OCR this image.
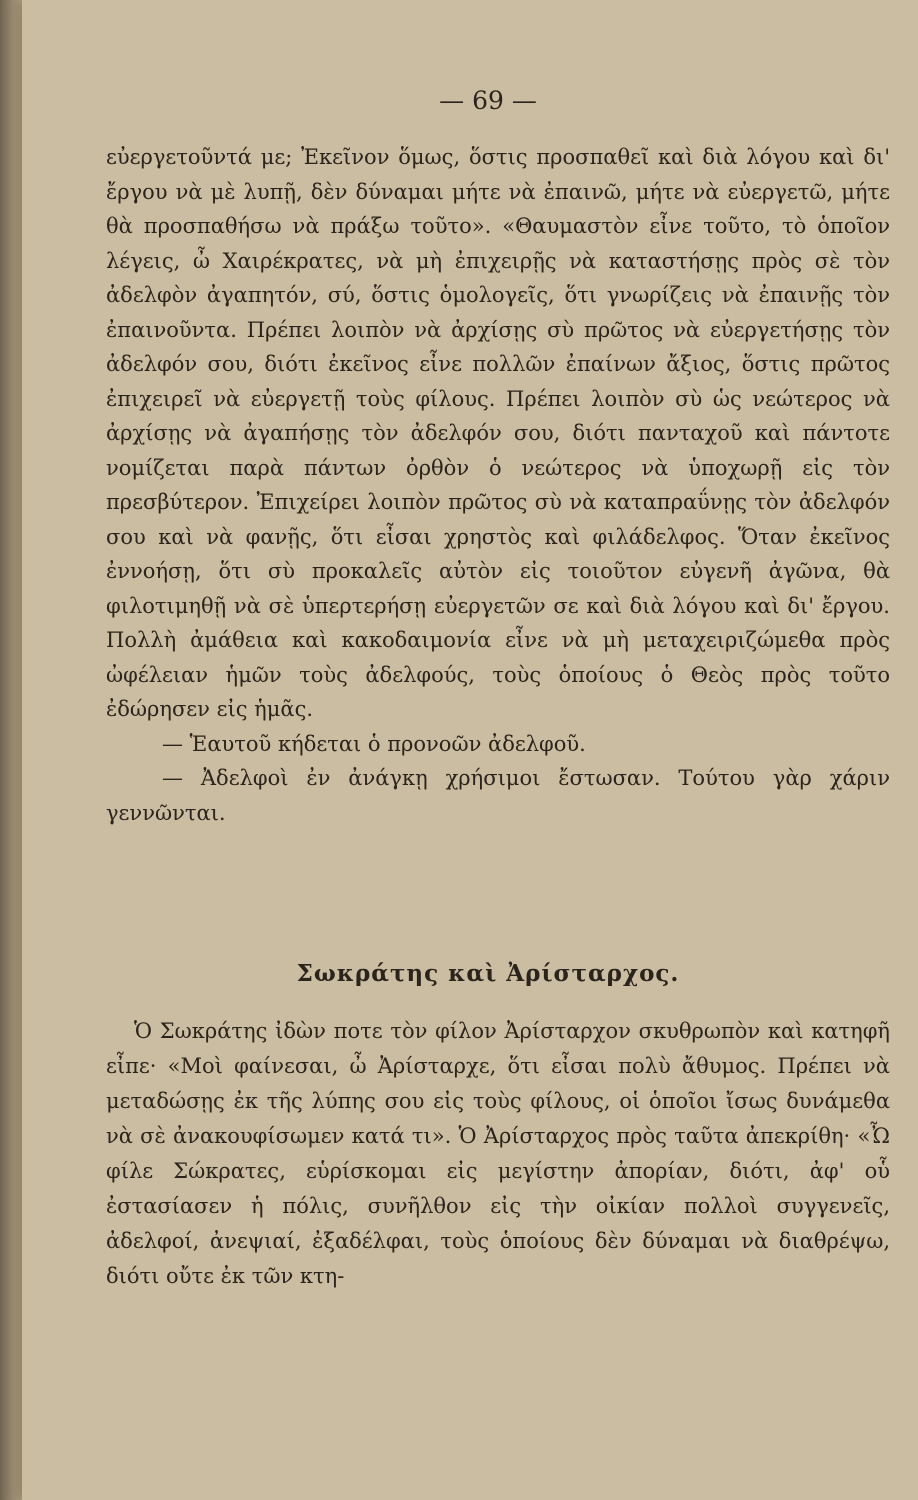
— 69 —

εὐεργετοῦντά με; Ἐκεῖνον ὅμως, ὅστις προσπαθεῖ καὶ διὰ λόγου καὶ δι' ἔργου νὰ μὲ λυπῇ, δὲν δύναμαι μήτε νὰ ἐπαινῶ, μήτε νὰ εὐεργετῶ, μήτε θὰ προσπαθήσω νὰ πράξω τοῦτο». «Θαυμαστὸν εἶνε τοῦτο, τὸ ὁποῖον λέγεις, ὦ Χαιρέκρατες, νὰ μὴ ἐπιχειρῇς νὰ καταστήσῃς πρὸς σὲ τὸν ἀδελφὸν ἀγαπητόν, σύ, ὅστις ὁμολογεῖς, ὅτι γνωρίζεις νὰ ἐπαινῇς τὸν ἐπαινοῦντα. Πρέπει λοιπὸν νὰ ἀρχίσῃς σὺ πρῶτος νὰ εὐεργετήσῃς τὸν ἀδελφόν σου, διότι ἐκεῖνος εἶνε πολλῶν ἐπαίνων ἄξιος, ὅστις πρῶτος ἐπιχειρεῖ νὰ εὐεργετῇ τοὺς φίλους. Πρέπει λοιπὸν σὺ ὡς νεώτερος νὰ ἀρχίσῃς νὰ ἀγαπήσῃς τὸν ἀδελφόν σου, διότι πανταχοῦ καὶ πάντοτε νομίζεται παρὰ πάντων ὀρθὸν ὁ νεώτερος νὰ ὑποχωρῇ εἰς τὸν πρεσβύτερον. Ἐπιχείρει λοιπὸν πρῶτος σὺ νὰ καταπραΰνῃς τὸν ἀδελφόν σου καὶ νὰ φανῇς, ὅτι εἶσαι χρηστὸς καὶ φιλάδελφος. Ὅταν ἐκεῖνος ἐννοήσῃ, ὅτι σὺ προκαλεῖς αὐτὸν εἰς τοιοῦτον εὐγενῆ ἀγῶνα, θὰ φιλοτιμηθῇ νὰ σὲ ὑπερτερήσῃ εὐεργετῶν σε καὶ διὰ λόγου καὶ δι' ἔργου. Πολλὴ ἀμάθεια καὶ κακοδαιμονία εἶνε νὰ μὴ μεταχειριζώμεθα πρὸς ὠφέλειαν ἡμῶν τοὺς ἀδελφούς, τοὺς ὁποίους ὁ Θεὸς πρὸς τοῦτο ἐδώρησεν εἰς ἡμᾶς.

— Ἑαυτοῦ κήδεται ὁ προνοῶν ἀδελφοῦ.

— Ἀδελφοὶ ἐν ἀνάγκῃ χρήσιμοι ἔστωσαν. Τούτου γὰρ χάριν γεννῶνται.

Σωκράτης καὶ Ἀρίσταρχος.

Ὁ Σωκράτης ἰδὼν ποτε τὸν φίλον Ἀρίσταρχον σκυθρωπὸν καὶ κατηφῆ εἶπε· «Μοὶ φαίνεσαι, ὦ Ἀρίσταρχε, ὅτι εἶσαι πολὺ ἄθυμος. Πρέπει νὰ μεταδώσῃς ἐκ τῆς λύπης σου εἰς τοὺς φίλους, οἱ ὁποῖοι ἴσως δυνάμεθα νὰ σὲ ἀνακουφίσωμεν κατά τι». Ὁ Ἀρίσταρχος πρὸς ταῦτα ἀπεκρίθη· «Ὦ φίλε Σώκρατες, εὑρίσκομαι εἰς μεγίστην ἀπορίαν, διότι, ἀφ' οὗ ἐστασίασεν ἡ πόλις, συνῆλθον εἰς τὴν οἰκίαν πολλοὶ συγγενεῖς, ἀδελφοί, ἀνεψιαί, ἐξαδέλφαι, τοὺς ὁποίους δὲν δύναμαι νὰ διαθρέψω, διότι οὔτε ἐκ τῶν κτη-
